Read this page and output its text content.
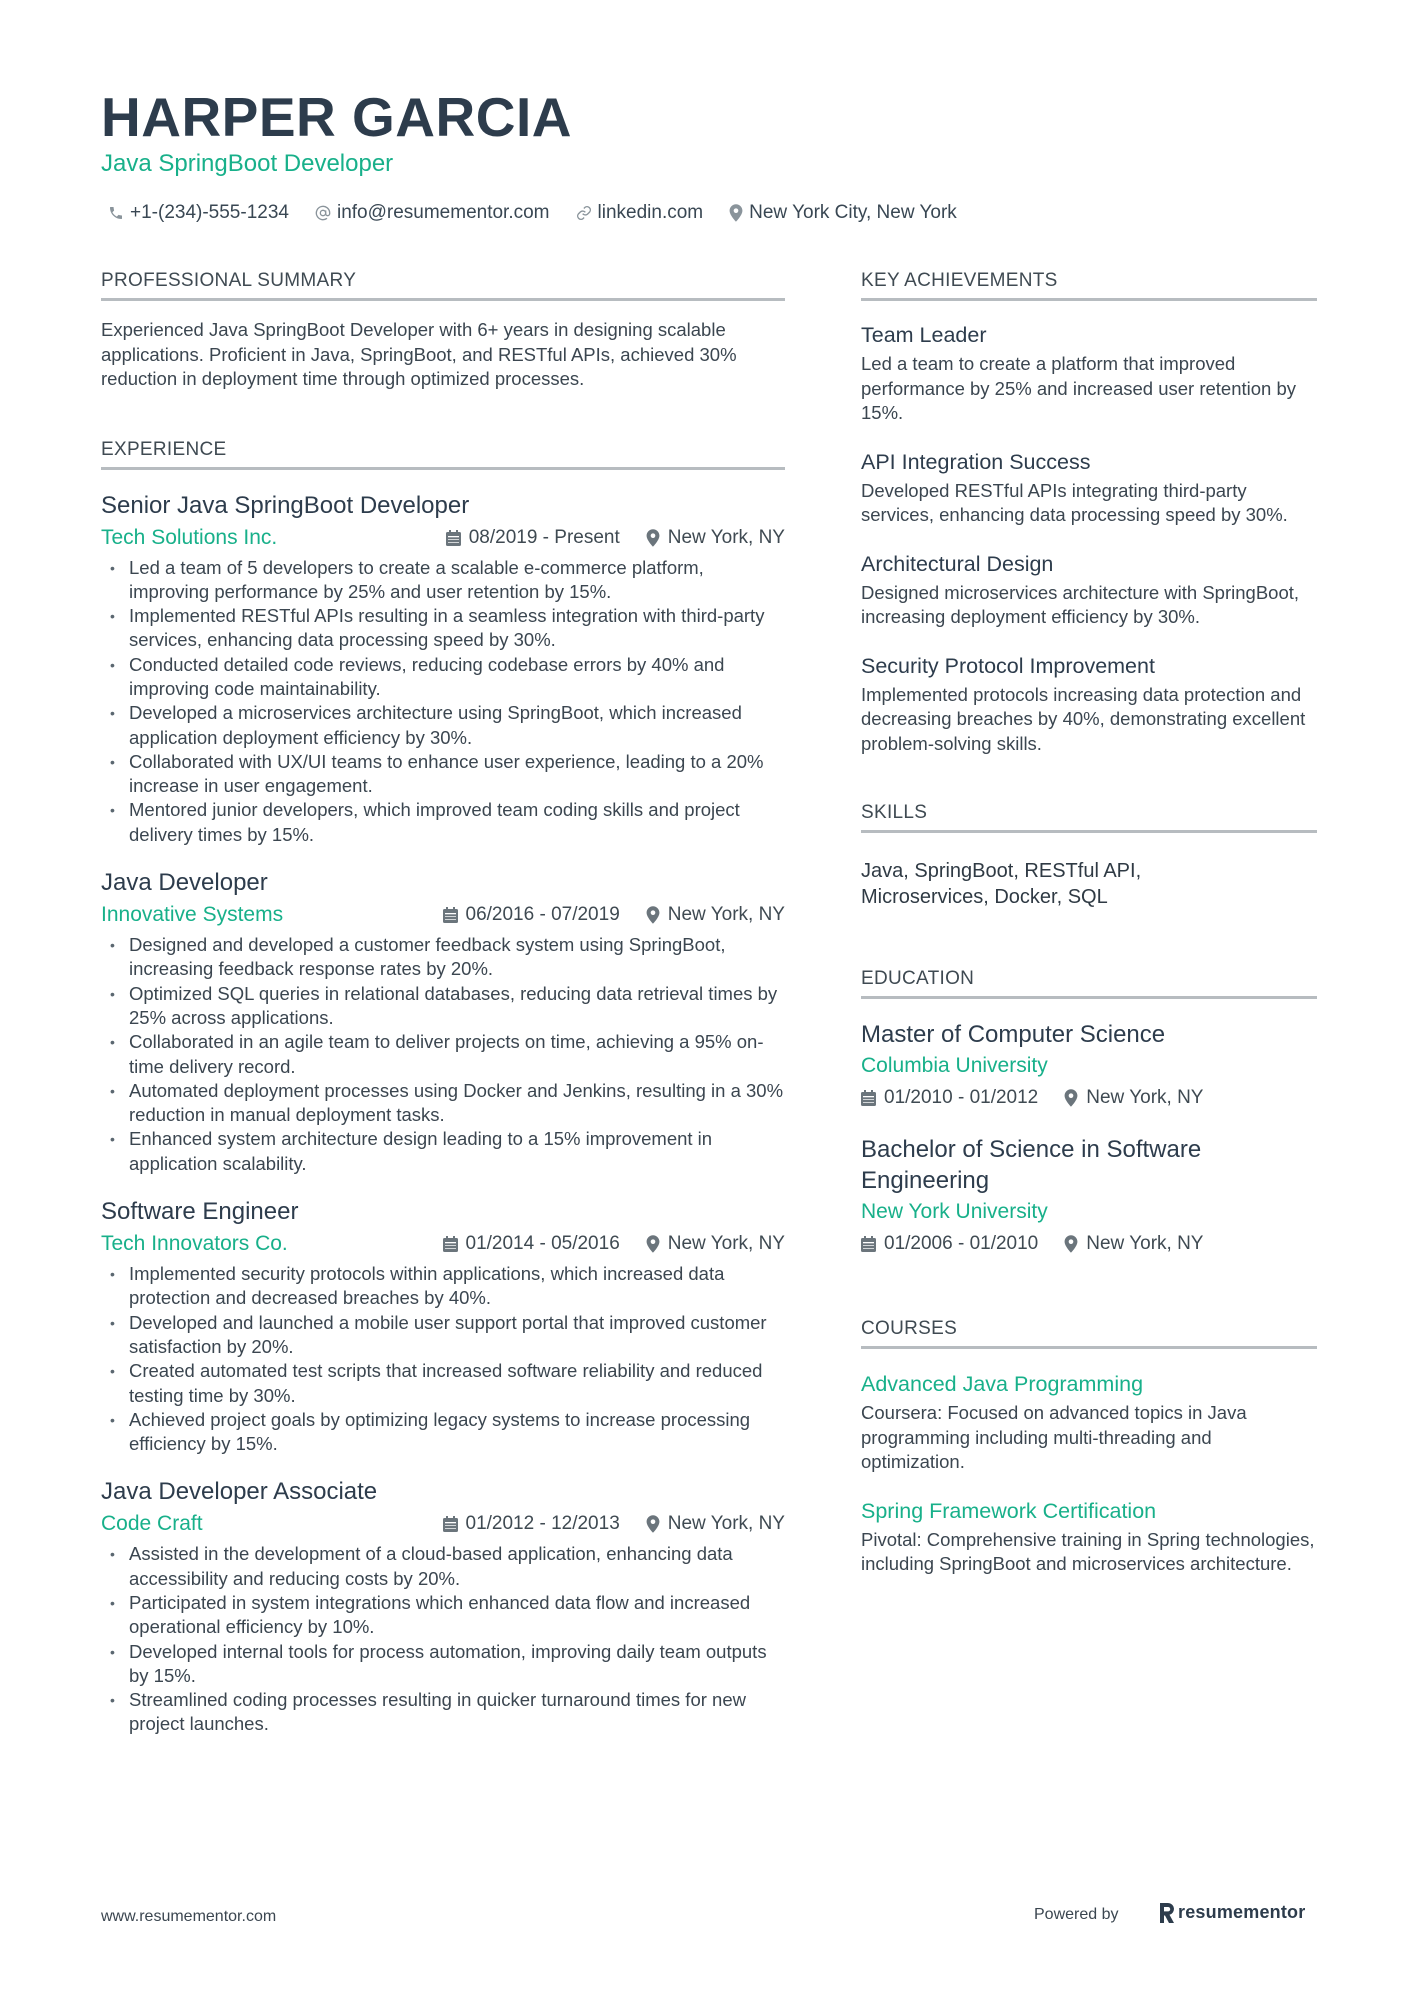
HARPER GARCIA
Java SpringBoot Developer
+1-(234)-555-1234	info@resumementor.com	linkedin.com New York City, New York
PROFESSIONAL SUMMARY
Experienced Java SpringBoot Developer with 6+ years in designing scalable applications. Proficient in Java, SpringBoot, and RESTful APIs, achieved 30% reduction in deployment time through optimized processes.
EXPERIENCE
Senior Java SpringBoot Developer
Tech Solutions Inc.	08/2019 - Present	New York, NY
• Led a team of 5 developers to create a scalable e-commerce platform, improving performance by 25% and user retention by 15%.
• Implemented RESTful APIs resulting in a seamless integration with third-party services, enhancing data processing speed by 30%.
• Conducted detailed code reviews, reducing codebase errors by 40% and improving code maintainability.
• Developed a microservices architecture using SpringBoot, which increased application deployment efficiency by 30%.
• Collaborated with UX/UI teams to enhance user experience, leading to a 20% increase in user engagement.
• Mentored junior developers, which improved team coding skills and project delivery times by 15%.
Java Developer
Innovative Systems	06/2016 - 07/2019	New York, NY
• Designed and developed a customer feedback system using SpringBoot, increasing feedback response rates by 20%.
• Optimized SQL queries in relational databases, reducing data retrieval times by 25% across applications.
• Collaborated in an agile team to deliver projects on time, achieving a 95% on-time delivery record.
• Automated deployment processes using Docker and Jenkins, resulting in a 30% reduction in manual deployment tasks.
• Enhanced system architecture design leading to a 15% improvement in application scalability.
Software Engineer
Tech Innovators Co.	01/2014 - 05/2016	New York, NY
• Implemented security protocols within applications, which increased data protection and decreased breaches by 40%.
• Developed and launched a mobile user support portal that improved customer satisfaction by 20%.
• Created automated test scripts that increased software reliability and reduced testing time by 30%.
• Achieved project goals by optimizing legacy systems to increase processing efficiency by 15%.
Java Developer Associate
Code Craft	01/2012 - 12/2013	New York, NY
• Assisted in the development of a cloud-based application, enhancing data accessibility and reducing costs by 20%.
• Participated in system integrations which enhanced data flow and increased operational efficiency by 10%.
• Developed internal tools for process automation, improving daily team outputs by 15%.
• Streamlined coding processes resulting in quicker turnaround times for new project launches.
KEY ACHIEVEMENTS
Team Leader
Led a team to create a platform that improved performance by 25% and increased user retention by 15%.
API Integration Success
Developed RESTful APIs integrating third-party services, enhancing data processing speed by 30%.
Architectural Design
Designed microservices architecture with SpringBoot, increasing deployment efficiency by 30%.
Security Protocol Improvement
Implemented protocols increasing data protection and decreasing breaches by 40%, demonstrating excellent problem-solving skills.
SKILLS
Java, SpringBoot, RESTful API,
Microservices, Docker, SQL
EDUCATION
Master of Computer Science
Columbia University
01/2010 - 01/2012	New York, NY
Bachelor of Science in Software Engineering
New York University
01/2006 - 01/2010	New York, NY
COURSES
Advanced Java Programming
Coursera: Focused on advanced topics in Java programming including multi-threading and optimization.
Spring Framework Certification
Pivotal: Comprehensive training in Spring technologies, including SpringBoot and microservices architecture.
www.resumementor.com	Powered by	resumementor
